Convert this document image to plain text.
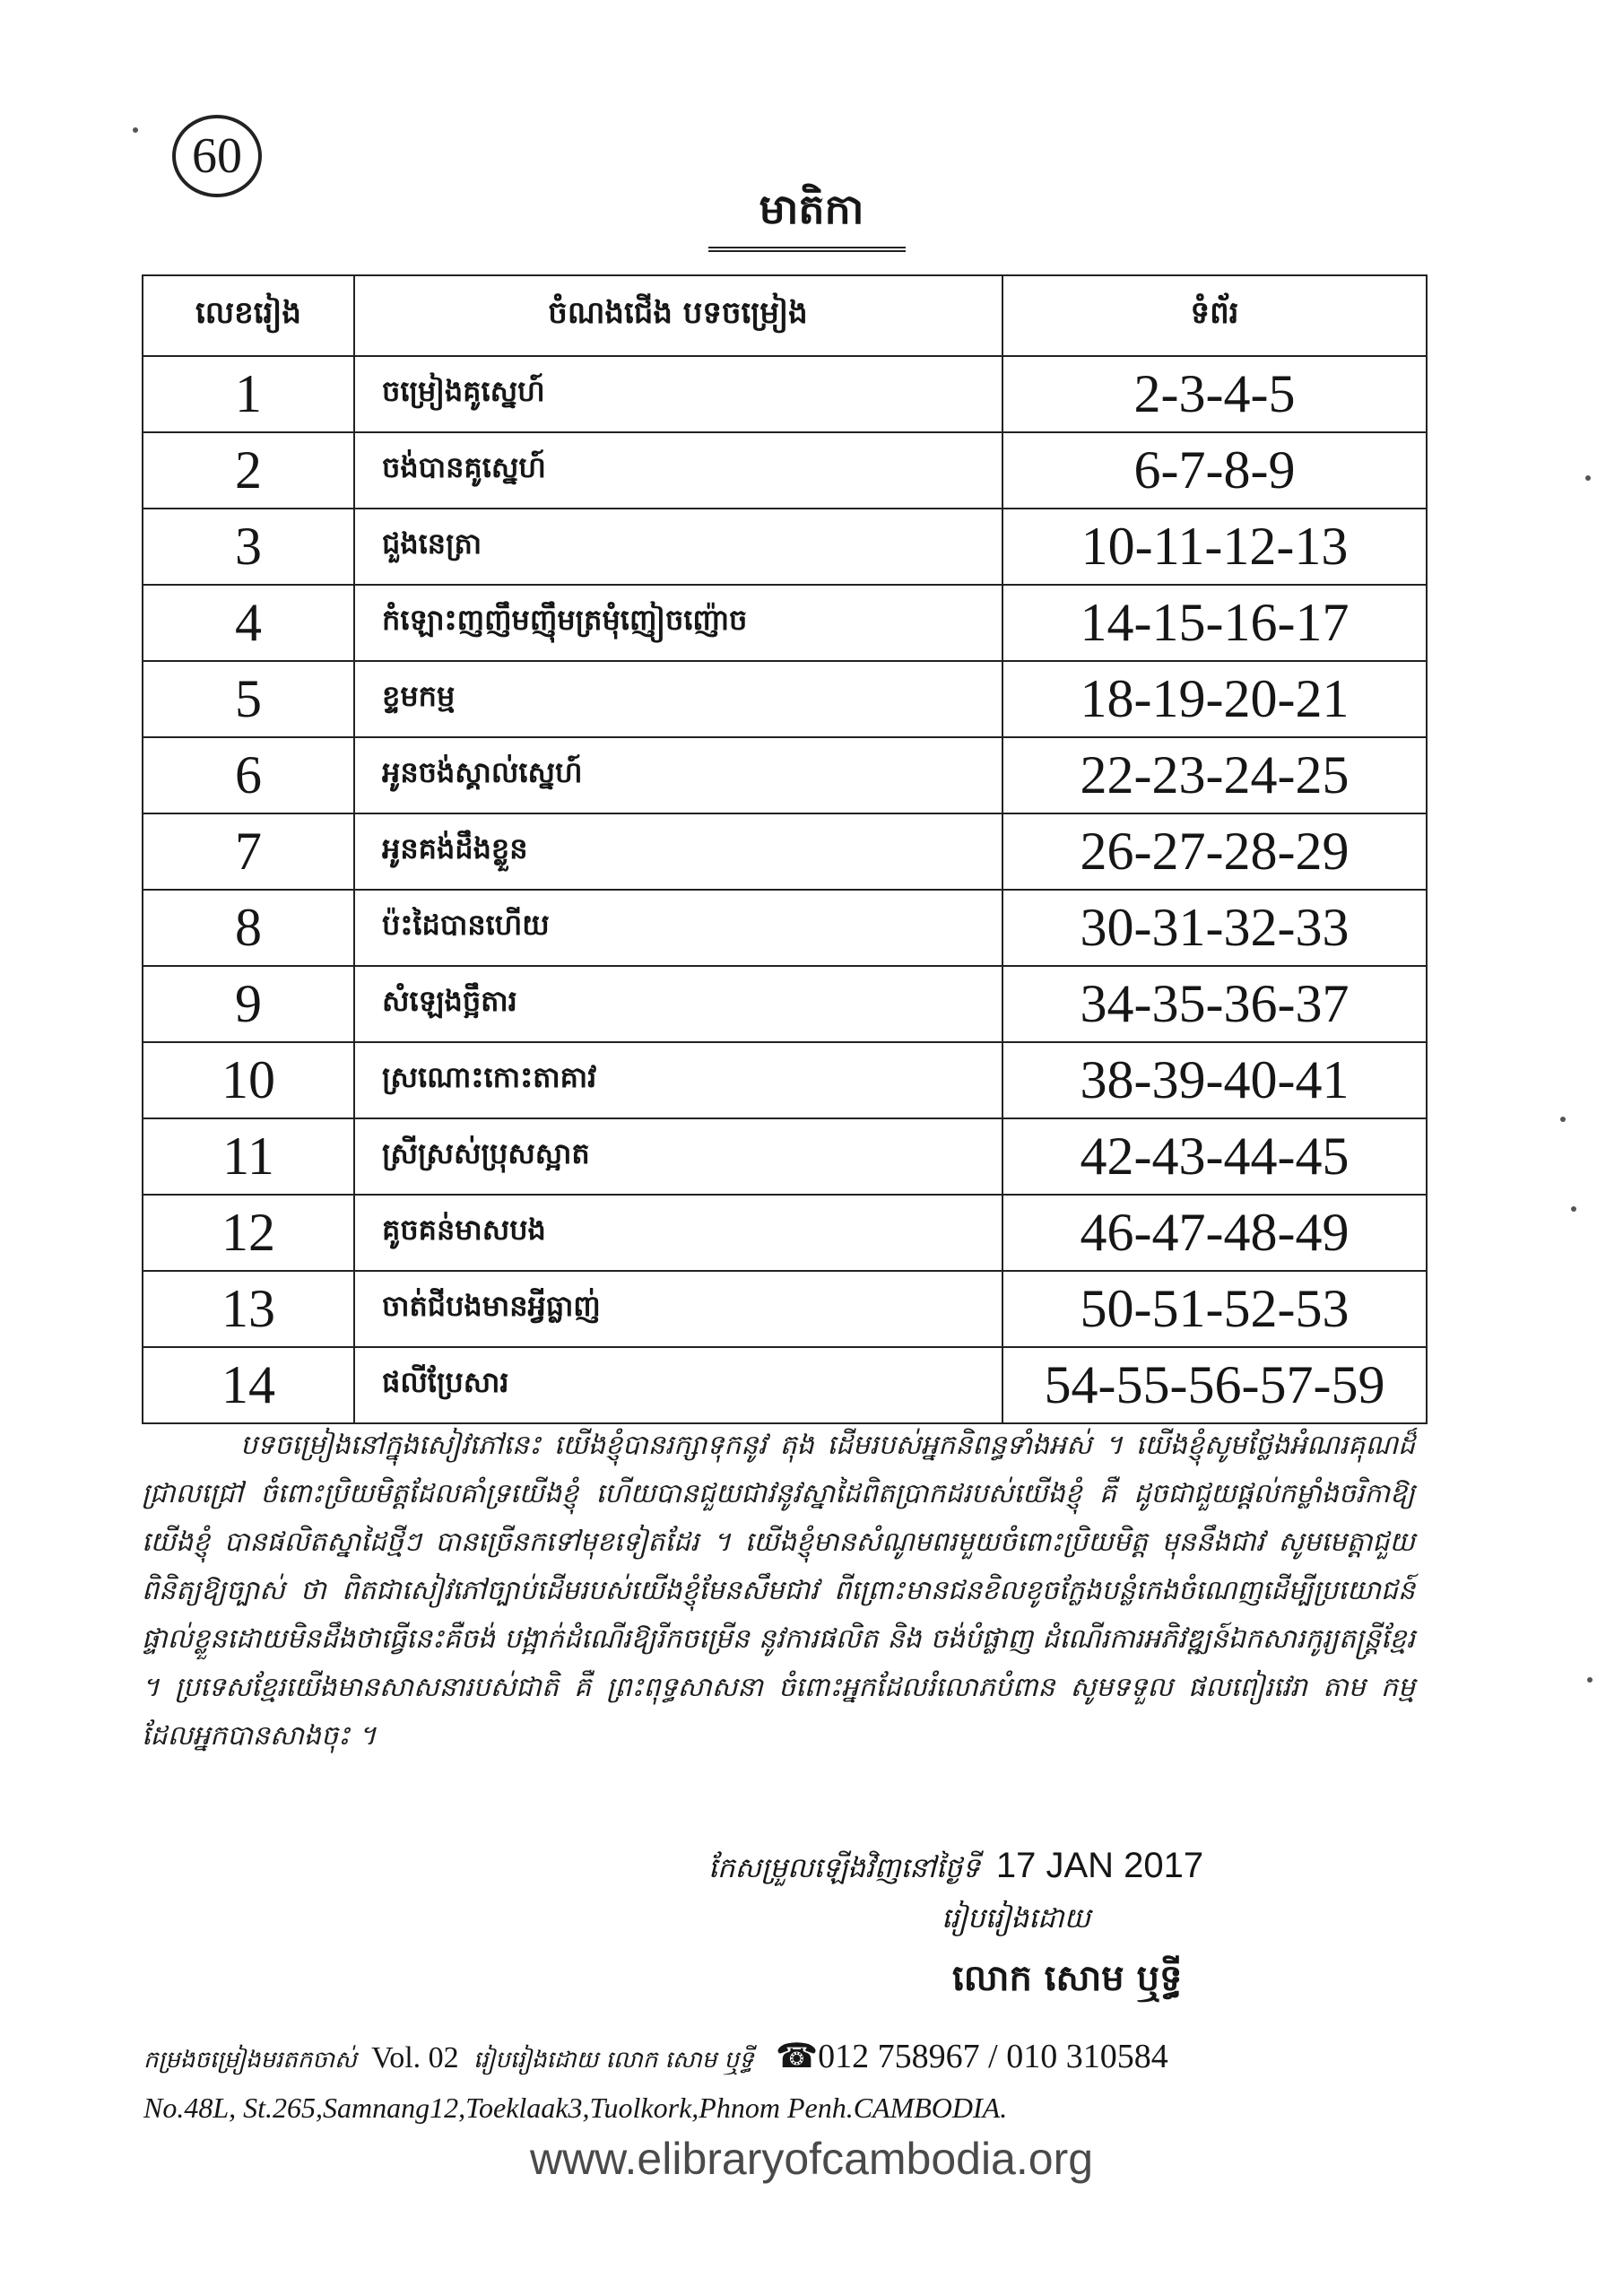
60
មាតិកា
លេខរៀង	ចំណងជើង បទចម្រៀង	ទំព័រ
1	ចម្រៀងគូស្នេហ៍	2-3-4-5
2	ចង់បានគូស្នេហ៍	6-7-8-9
3	ជួងនេត្រា	10-11-12-13
4	កំឡោះញញឹមញ៉ឹមត្រមុំញៀចញ៉ោច	14-15-16-17
5	ខ្ទមកម្ម	18-19-20-21
6	អូនចង់ស្គាល់ស្នេហ៍	22-23-24-25
7	អូនគង់ដឹងខ្លួន	26-27-28-29
8	ប៉ះដៃបានហើយ	30-31-32-33
9	សំឡេងច្អឹតារ	34-35-36-37
10	ស្រណោះកោះតាគាវ	38-39-40-41
11	ស្រីស្រស់ប្រុសស្អាត	42-43-44-45
12	គូចគន់មាសបង	46-47-48-49
13	ចាត់ជីបងមានអ្វីធ្លាញ់	50-51-52-53
14	ផលីប្រែសារ	54-55-56-57-59

បទចម្រៀងនៅក្នុងសៀវភៅនេះ យើងខ្ញុំបានរក្សាទុកនូវ តុង ដើមរបស់អ្នកនិពន្ធទាំងអស់ ។ យើងខ្ញុំសូមថ្លែងអំណរគុណដ៏ជ្រាលជ្រៅ ចំពោះប្រិយមិត្តដែលគាំទ្រយើងខ្ញុំ ហើយបានជួយជាវនូវស្នាដៃពិតប្រាកដរបស់យើងខ្ញុំ គឺ ដូចជាជួយផ្តល់កម្លាំងចរិកាឱ្យយើងខ្ញុំ បានផលិតស្នាដៃថ្មីៗ បានច្រើនកទៅមុខទៀតដែរ ។ យើងខ្ញុំមានសំណូមពរមួយចំពោះប្រិយមិត្ត មុននឹងជាវ សូមមេត្តាជួយពិនិត្យឱ្យច្បាស់ ថា ពិតជាសៀវភៅច្បាប់ដើមរបស់យើងខ្ញុំមែនសឹមជាវ ពីព្រោះមានជនខិលខូចក្លែងបន្លំកេងចំណេញដើម្បីប្រយោជន៍ផ្ទាល់ខ្លួនដោយមិនដឹងថាធ្វើនេះគឺចង់ បង្អាក់ដំណើរឱ្យរីកចម្រើន នូវការផលិត និង ចង់បំផ្លាញ ដំណើរការអភិវឌ្ឍន៍ឯកសារកូរ្យតន្ត្រីខ្មែរ ។ ប្រទេសខ្មែរយើងមានសាសនារបស់ជាតិ គឺ ព្រះពុទ្ធសាសនា ចំពោះអ្នកដែលរំលោភបំពាន សូមទទួល ផលពៀរវេរា តាម កម្ម ដែលអ្នកបានសាងចុះ ។

កែសម្រួលឡើងវិញនៅថ្ងៃទី 17 JAN 2017
រៀបរៀងដោយ
លោក សោម ឬទ្ធី
កម្រងចម្រៀងមរតកចាស់ Vol. 02 រៀបរៀងដោយ លោក សោម ឬទ្ធី ☎012 758967 / 010 310584
No.48L, St.265,Samnang12,Toeklaak3,Tuolkork,Phnom Penh.CAMBODIA.
www.elibraryofcambodia.org
